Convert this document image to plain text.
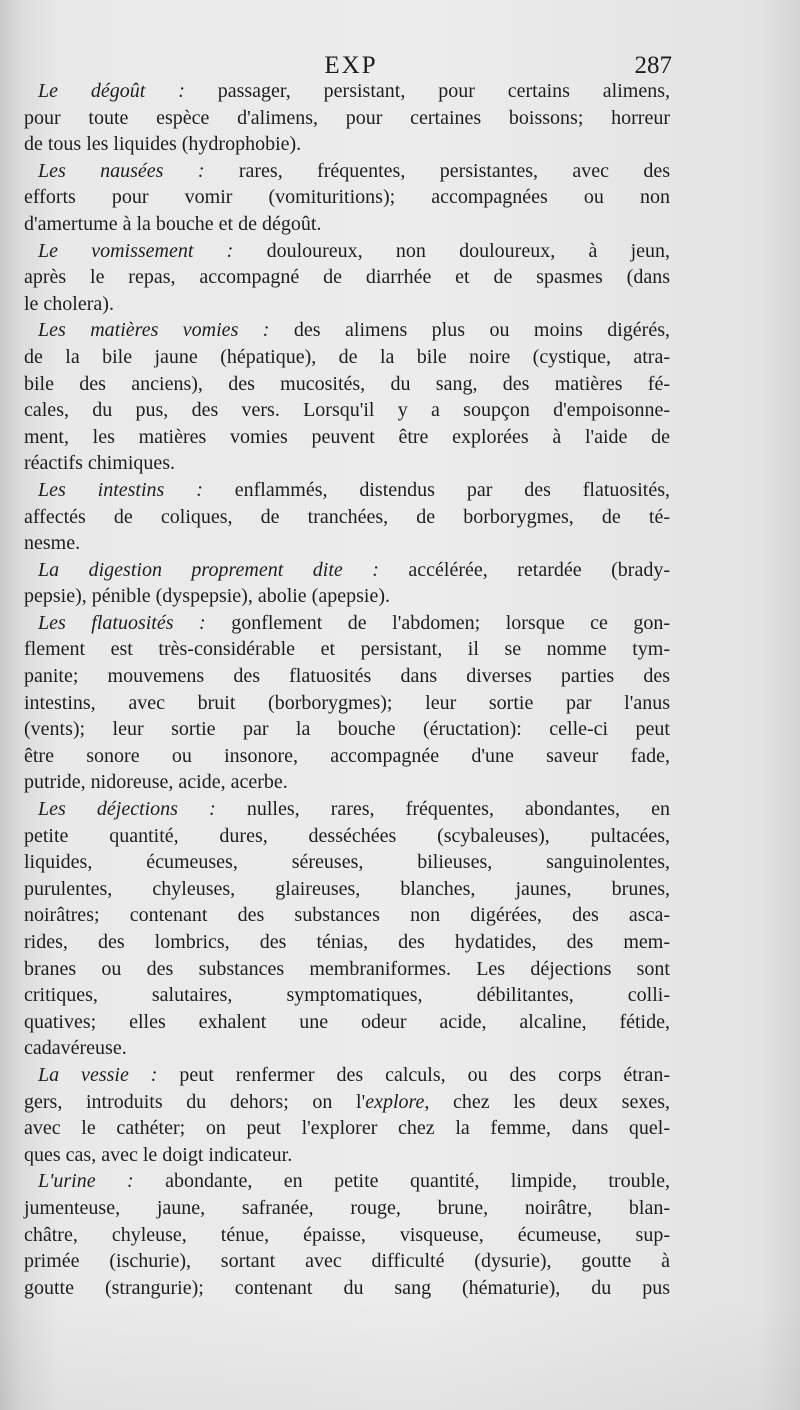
EXP	287
Le dégoût : passager, persistant, pour certains alimens,
pour toute espèce d'alimens, pour certaines boissons; horreur
de tous les liquides (hydrophobie).
Les nausées : rares, fréquentes, persistantes, avec des
efforts pour vomir (vomituritions); accompagnées ou non
d'amertume à la bouche et de dégoût.
Le vomissement : douloureux, non douloureux, à jeun,
après le repas, accompagné de diarrhée et de spasmes (dans
le cholera).
Les matières vomies : des alimens plus ou moins digérés,
de la bile jaune (hépatique), de la bile noire (cystique, atra-
bile des anciens), des mucosités, du sang, des matières fé-
cales, du pus, des vers. Lorsqu'il y a soupçon d'empoisonne-
ment, les matières vomies peuvent être explorées à l'aide de
réactifs chimiques.
Les intestins : enflammés, distendus par des flatuosités,
affectés de coliques, de tranchées, de borborygmes, de té-
nesme.
La digestion proprement dite : accélérée, retardée (brady-
pepsie), pénible (dyspepsie), abolie (apepsie).
Les flatuosités : gonflement de l'abdomen; lorsque ce gon-
flement est très-considérable et persistant, il se nomme tym-
panite; mouvemens des flatuosités dans diverses parties des
intestins, avec bruit (borborygmes); leur sortie par l'anus
(vents); leur sortie par la bouche (éructation): celle-ci peut
être sonore ou insonore, accompagnée d'une saveur fade,
putride, nidoreuse, acide, acerbe.
Les déjections : nulles, rares, fréquentes, abondantes, en
petite quantité, dures, desséchées (scybaleuses), pultacées,
liquides, écumeuses, séreuses, bilieuses, sanguinolentes,
purulentes, chyleuses, glaireuses, blanches, jaunes, brunes,
noirâtres; contenant des substances non digérées, des asca-
rides, des lombrics, des ténias, des hydatides, des mem-
branes ou des substances membraniformes. Les déjections sont
critiques, salutaires, symptomatiques, débilitantes, colli-
quatives; elles exhalent une odeur acide, alcaline, fétide,
cadavéreuse.
La vessie : peut renfermer des calculs, ou des corps étran-
gers, introduits du dehors; on l'explore, chez les deux sexes,
avec le cathéter; on peut l'explorer chez la femme, dans quel-
ques cas, avec le doigt indicateur.
L'urine : abondante, en petite quantité, limpide, trouble,
jumenteuse, jaune, safranée, rouge, brune, noirâtre, blan-
châtre, chyleuse, ténue, épaisse, visqueuse, écumeuse, sup-
primée (ischurie), sortant avec difficulté (dysurie), goutte à
goutte (strangurie); contenant du sang (hématurie), du pus
